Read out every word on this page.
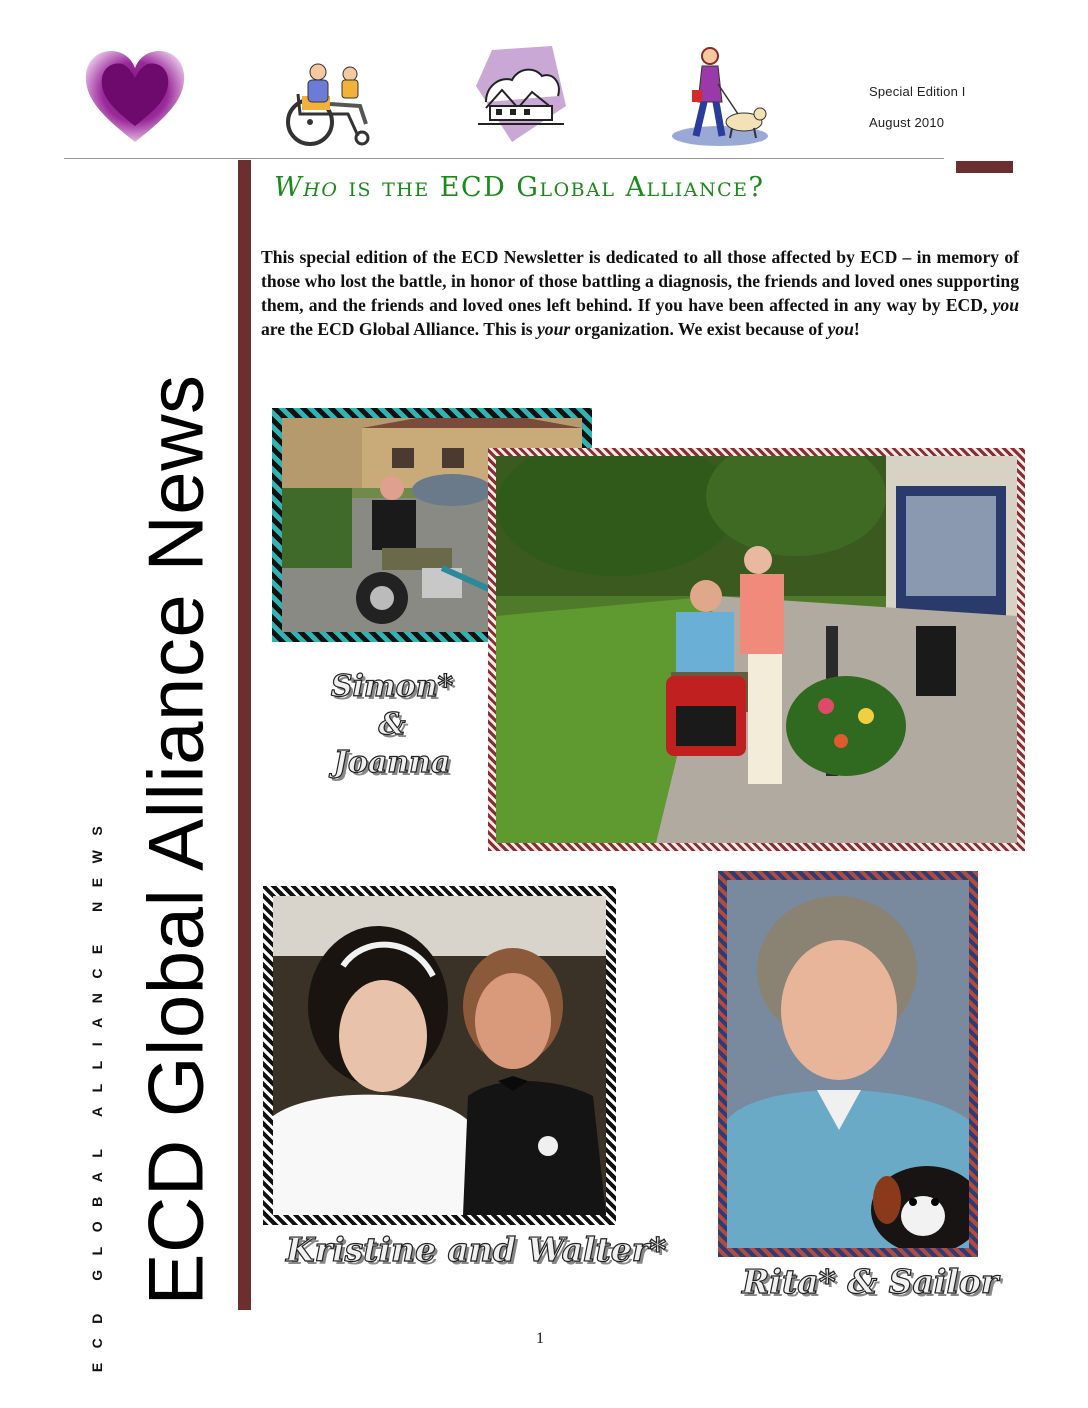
Special Edition I
August 2010
ECD Global Alliance News
ECD GLOBAL ALLIANCE NEWS
Who is the ECD Global Alliance?
This special edition of the ECD Newsletter is dedicated to all those affected by ECD – in memory of those who lost the battle, in honor of those battling a diagnosis, the friends and loved ones supporting them, and the friends and loved ones left behind. If you have been affected in any way by ECD, you are the ECD Global Alliance. This is your organization. We exist because of you!
Simon*
&
Joanna
Kristine and Walter*
Rita* & Sailor
1
